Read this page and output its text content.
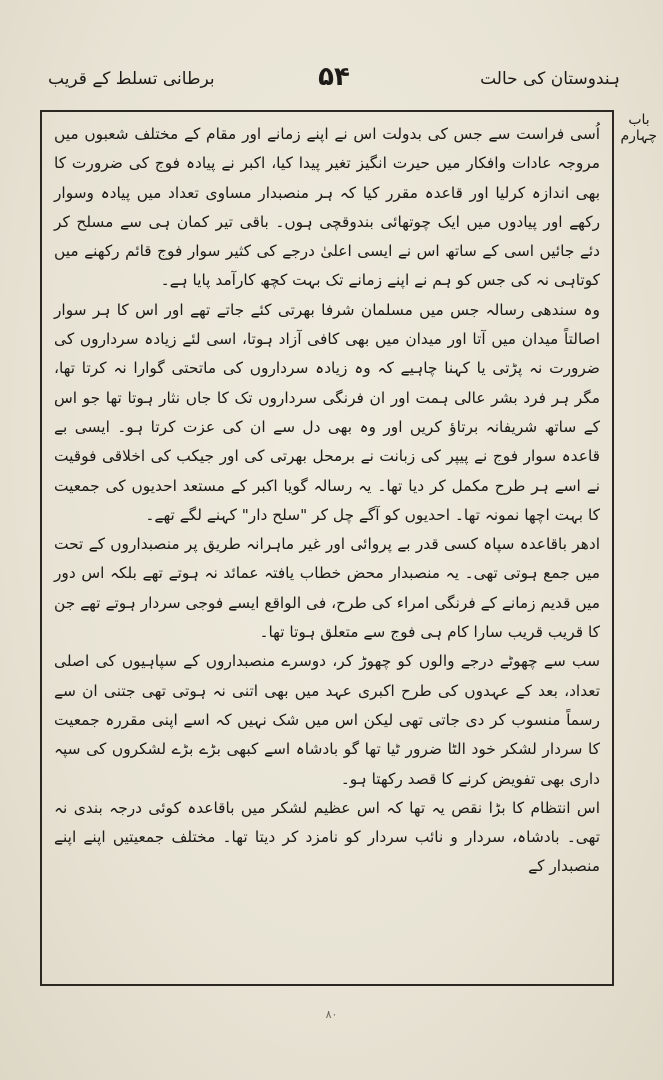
ہندوستان کی حالت
۵۴
برطانی تسلط کے قریب
باب چہارم

اُسی فراست سے جس کی بدولت اس نے اپنے زمانے اور مقام کے مختلف شعبوں میں مروجہ عادات وافکار میں حیرت انگیز تغیر پیدا کیا، اکبر نے پیادہ فوج کی ضرورت کا بھی اندازہ کرلیا اور قاعدہ مقرر کیا کہ ہر منصبدار مساوی تعداد میں پیادہ وسوار رکھے اور پیادوں میں ایک چوتھائی بندوقچی ہوں۔ باقی تیر کمان ہی سے مسلح کر دئے جائیں اسی کے ساتھ اس نے ایسی اعلیٰ درجے کی کثیر سوار فوج قائم رکھنے میں کوتاہی نہ کی جس کو ہم نے اپنے زمانے تک بہت کچھ کارآمد پایا ہے۔

وہ سندھی رسالہ جس میں مسلمان شرفا بھرتی کئے جاتے تھے اور اس کا ہر سوار اصالتاً میدان میں آتا اور میدان میں بھی کافی آزاد ہوتا، اسی لئے زیادہ سرداروں کی ضرورت نہ پڑتی یا کہنا چاہیے کہ وہ زیادہ سرداروں کی ماتحتی گوارا نہ کرتا تھا، مگر ہر فرد بشر عالی ہمت اور ان فرنگی سرداروں تک کا جاں نثار ہوتا تھا جو اس کے ساتھ شریفانہ برتاؤ کریں اور وہ بھی دل سے ان کی عزت کرتا ہو۔ ایسی بے قاعدہ سوار فوج نے پیپر کی زبانت نے برمحل بھرتی کی اور جیکب کی اخلاقی فوقیت نے اسے ہر طرح مکمل کر دیا تھا۔ یہ رسالہ گویا اکبر کے مستعد احدیوں کی جمعیت کا بہت اچھا نمونہ تھا۔ احدیوں کو آگے چل کر "سلح دار" کہنے لگے تھے۔

ادھر باقاعدہ سپاہ کسی قدر بے پروائی اور غیر ماہرانہ طریق پر منصبداروں کے تحت میں جمع ہوتی تھی۔ یہ منصبدار محض خطاب یافتہ عمائد نہ ہوتے تھے بلکہ اس دور میں قدیم زمانے کے فرنگی امراء کی طرح، فی الواقع ایسے فوجی سردار ہوتے تھے جن کا قریب قریب سارا کام ہی فوج سے متعلق ہوتا تھا۔

سب سے چھوٹے درجے والوں کو چھوڑ کر، دوسرے منصبداروں کے سپاہیوں کی اصلی تعداد، بعد کے عہدوں کی طرح اکبری عہد میں بھی اتنی نہ ہوتی تھی جتنی ان سے رسماً منسوب کر دی جاتی تھی لیکن اس میں شک نہیں کہ اسے اپنی مقررہ جمعیت کا سردار لشکر خود الٹا ضرور ٹیا تھا گو بادشاہ اسے کبھی بڑے بڑے لشکروں کی سپہ داری بھی تفویض کرنے کا قصد رکھتا ہو۔

اس انتظام کا بڑا نقص یہ تھا کہ اس عظیم لشکر میں باقاعدہ کوئی درجہ بندی نہ تھی۔ بادشاہ، سردار و نائب سردار کو نامزد کر دیتا تھا۔ مختلف جمعیتیں اپنے اپنے منصبدار کے

۸۰
